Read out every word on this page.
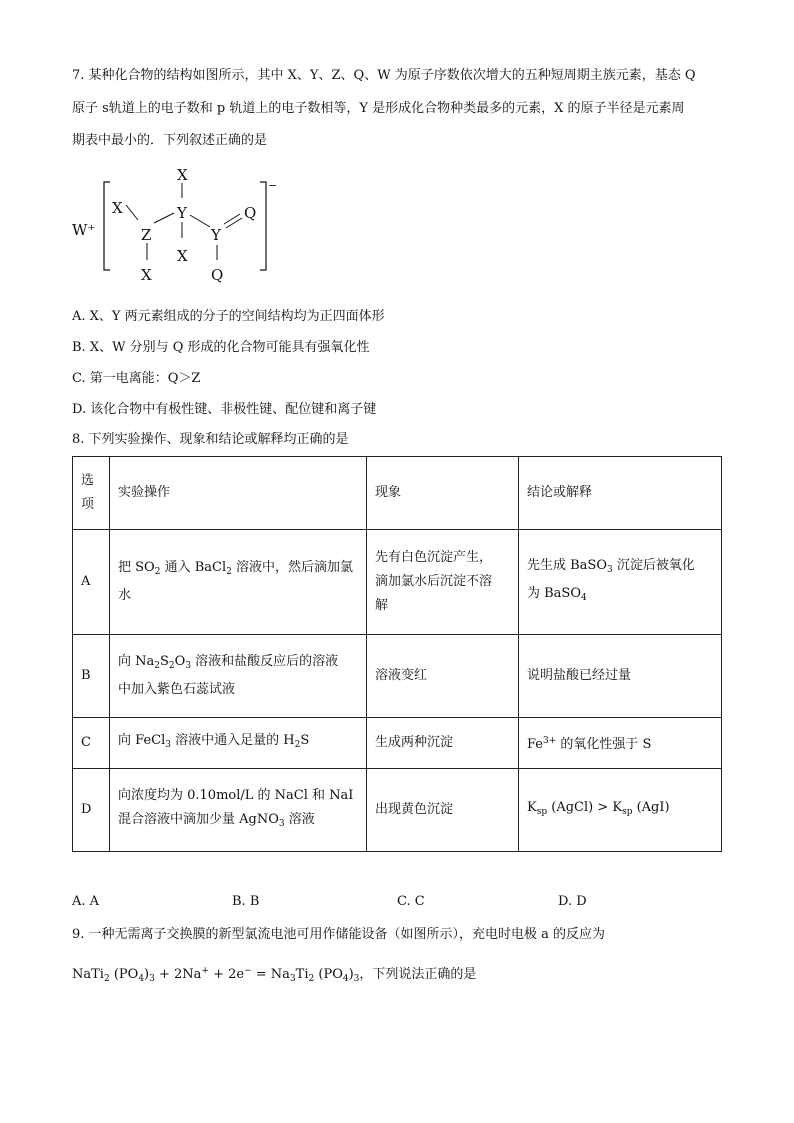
7. 某种化合物的结构如图所示，其中 X、Y、Z、Q、W 为原子序数依次增大的五种短周期主族元素，基态 Q
原子 s轨道上的电子数和 p 轨道上的电子数相等，Y 是形成化合物种类最多的元素，X 的原子半径是元素周
期表中最小的．下列叙述正确的是
W⁺
−
X
Y
X	Q
Z	Y
X
X	Q
A. X、Y 两元素组成的分子的空间结构均为正四面体形
B. X、W 分别与 Q 形成的化合物可能具有强氧化性
C. 第一电离能：Q＞Z
D. 该化合物中有极性键、非极性键、配位键和离子键
8. 下列实验操作、现象和结论或解释均正确的是
选
项	实验操作	现象	结论或解释
A	把 $SO_2$ 通入 BaCl$_2$ 溶液中，然后滴加氯
水	先有白色沉淀产生，
滴加氯水后沉淀不溶
解	先生成 BaSO$_3$ 沉淀后被氧化
为 BaSO$_4$
B	向 $Na_2S_2O_3$ 溶液和盐酸反应后的溶液
中加入紫色石蕊试液	溶液变红	说明盐酸已经过量
C	向 FeCl$_3$ 溶液中通入足量的 $H_2S$	生成两种沉淀	$Fe^{3+}$ 的氧化性强于 S
D	向浓度均为 0.10mol/L 的 NaCl 和 NaI
混合溶液中滴加少量 AgNO$_3$ 溶液	出现黄色沉淀	$K_{sp}$ (AgCl) > $K_{sp}$ (AgI)
A. A	B. B	C. C	D. D
9. 一种无需离子交换膜的新型氯流电池可用作储能设备（如图所示），充电时电极 a 的反应为
NaTi$_2$ $(PO_4)_3 + 2Na^+ + 2e^- = Na_3Ti_2$ $(PO_4)_3$，下列说法正确的是
